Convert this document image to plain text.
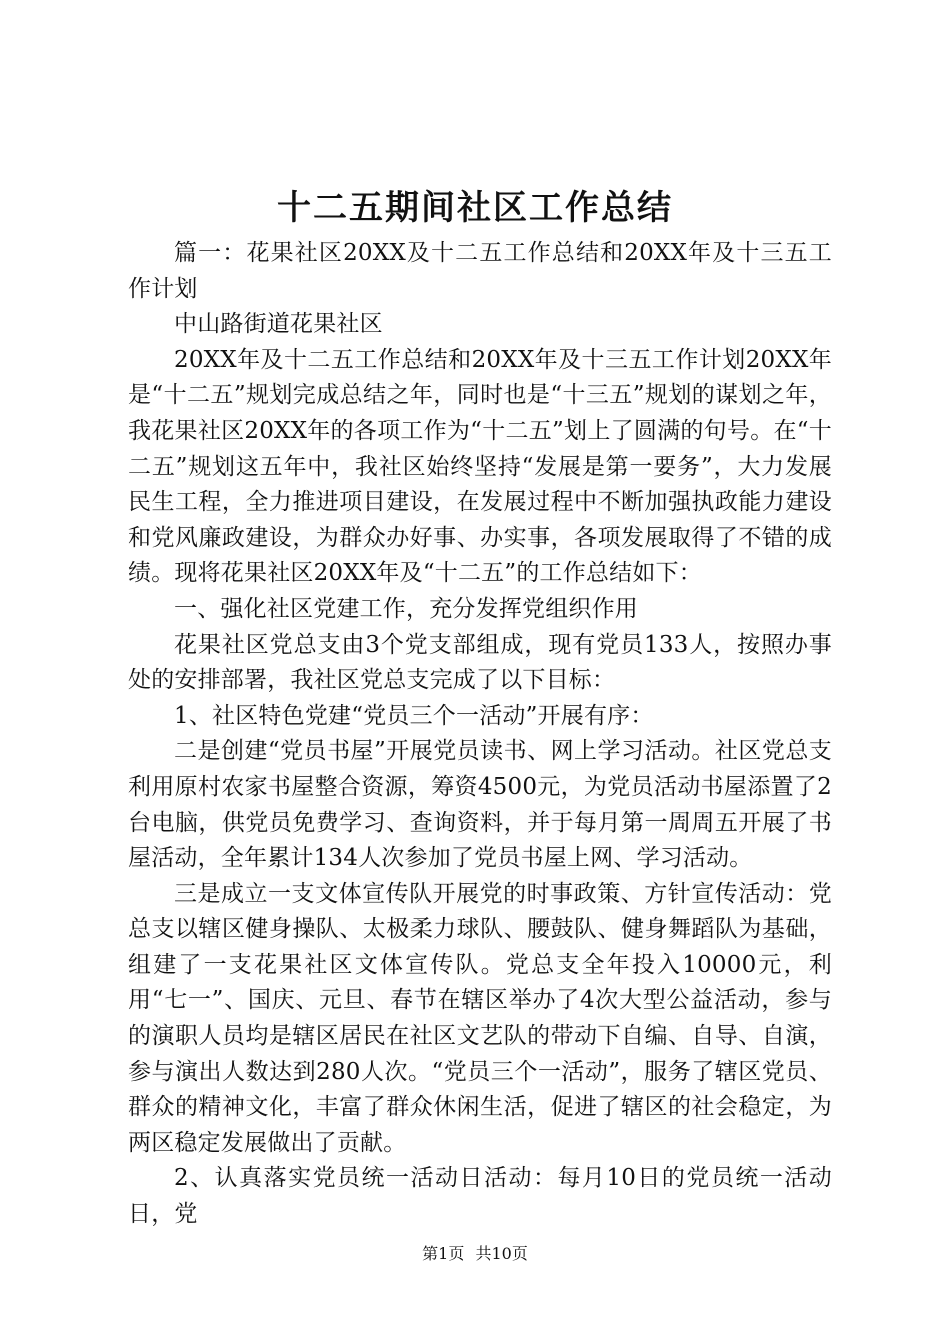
十二五期间社区工作总结

篇一：花果社区20XX及十二五工作总结和20XX年及十三五工作计划

中山路街道花果社区

20XX年及十二五工作总结和20XX年及十三五工作计划20XX年是“十二五”规划完成总结之年，同时也是“十三五”规划的谋划之年，我花果社区20XX年的各项工作为“十二五”划上了圆满的句号。在“十二五”规划这五年中，我社区始终坚持“发展是第一要务”，大力发展民生工程，全力推进项目建设，在发展过程中不断加强执政能力建设和党风廉政建设，为群众办好事、办实事，各项发展取得了不错的成绩。现将花果社区20XX年及“十二五”的工作总结如下：

一、强化社区党建工作，充分发挥党组织作用

花果社区党总支由3个党支部组成，现有党员133人，按照办事处的安排部署，我社区党总支完成了以下目标：

1、社区特色党建“党员三个一活动”开展有序：

二是创建“党员书屋”开展党员读书、网上学习活动。社区党总支利用原村农家书屋整合资源，筹资4500元，为党员活动书屋添置了2台电脑，供党员免费学习、查询资料，并于每月第一周周五开展了书屋活动，全年累计134人次参加了党员书屋上网、学习活动。

三是成立一支文体宣传队开展党的时事政策、方针宣传活动：党总支以辖区健身操队、太极柔力球队、腰鼓队、健身舞蹈队为基础，组建了一支花果社区文体宣传队。党总支全年投入10000元，利用“七一”、国庆、元旦、春节在辖区举办了4次大型公益活动，参与的演职人员均是辖区居民在社区文艺队的带动下自编、自导、自演，参与演出人数达到280人次。“党员三个一活动”，服务了辖区党员、群众的精神文化，丰富了群众休闲生活，促进了辖区的社会稳定，为两区稳定发展做出了贡献。

2、认真落实党员统一活动日活动：每月10日的党员统一活动日，党

第1页 共10页
